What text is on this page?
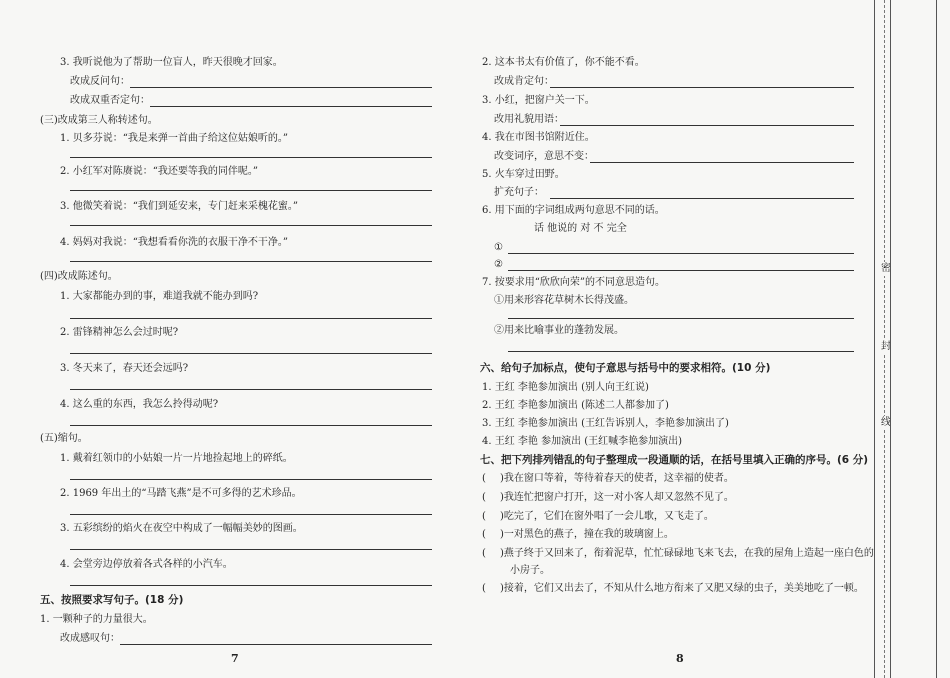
3. 我听说他为了帮助一位盲人，昨天很晚才回家。
改成反问句：
改成双重否定句：
(三)改成第三人称转述句。
1. 贝多芬说：“我是来弹一首曲子给这位姑娘听的。”
2. 小红军对陈赓说：“我还要等我的同伴呢。”
3. 他微笑着说：“我们到延安来，专门赶来采槐花蜜。”
4. 妈妈对我说：“我想看看你洗的衣服干净不干净。”
(四)改成陈述句。
1. 大家都能办到的事，难道我就不能办到吗?
2. 雷锋精神怎么会过时呢?
3. 冬天来了，春天还会远吗?
4. 这么重的东西，我怎么拎得动呢?
(五)缩句。
1. 戴着红领巾的小姑娘一片一片地捡起地上的碎纸。
2. 1969 年出土的“马踏飞燕”是不可多得的艺术珍品。
3. 五彩缤纷的焰火在夜空中构成了一幅幅美妙的图画。
4. 会堂旁边停放着各式各样的小汽车。
五、按照要求写句子。(18 分)
1. 一颗种子的力量很大。
改成感叹句：
7
2. 这本书太有价值了，你不能不看。
改成肯定句：
3. 小红，把窗户关一下。
改用礼貌用语：
4. 我在市图书馆附近住。
改变词序，意思不变：
5. 火车穿过田野。
扩充句子：
6. 用下面的字词组成两句意思不同的话。
话 他说的 对 不 完全
①
②
7. 按要求用“欣欣向荣”的不同意思造句。
①用来形容花草树木长得茂盛。
②用来比喻事业的蓬勃发展。
六、给句子加标点，使句子意思与括号中的要求相符。(10 分)
1. 王红 李艳参加演出 (别人向王红说)
2. 王红 李艳参加演出 (陈述二人都参加了)
3. 王红 李艳参加演出 (王红告诉别人，李艳参加演出了)
4. 王红 李艳 参加演出 (王红喊李艳参加演出)
七、把下列排列错乱的句子整理成一段通顺的话，在括号里填入正确的序号。(6 分)
( )我在窗口等着，等待着春天的使者，这幸福的使者。
( )我连忙把窗户打开，这一对小客人却又忽然不见了。
( )吃完了，它们在窗外唱了一会儿歌，又飞走了。
( )一对黑色的燕子，撞在我的玻璃窗上。
( )燕子终于又回来了，衔着泥草，忙忙碌碌地飞来飞去，在我的屋角上造起一座白色的
小房子。
( )接着，它们又出去了，不知从什么地方衔来了又肥又绿的虫子，美美地吃了一顿。
8
密
封
线
